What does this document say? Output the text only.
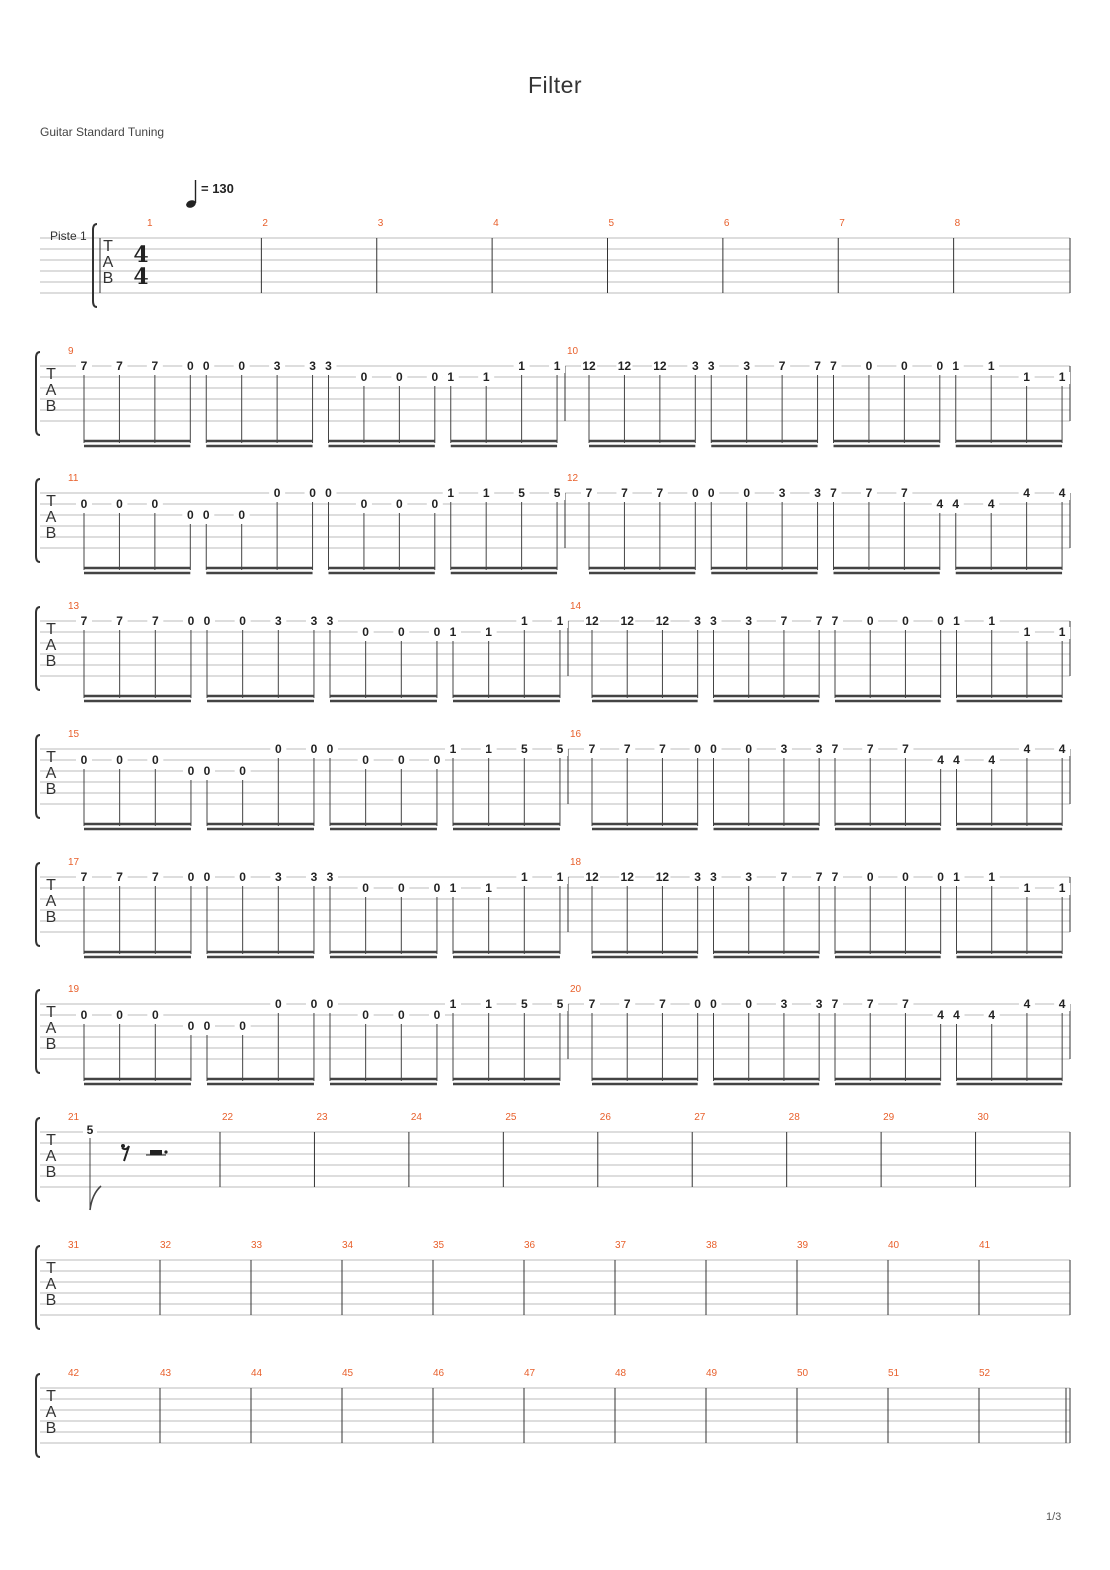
Filter
Guitar Standard Tuning
1/3
= 130
T
A
B
4
4
Piste 1
1	2	3	4	5	6	7	8
T
A
B
9	10
7 7 7 0 0 0 3 3 3
0 0 0 1 1
1 1 12 12 12 3 3 3 7 7 7 0 0 0 1 1
1 1
T
A
B
11	12
0 0 0
0 0 0
0 0 0
0 0 0
1 1 5 5 7 7 7 0 0 0 3 3 7 7 7
4 4 4
4 4
T
A
B
13	14
7 7 7 0 0 0 3 3 3
0 0 0 1 1
1 1 12 12 12 3 3 3 7 7 7 0 0 0 1 1
1 1
T
A
B
15	16
0 0 0
0 0 0
0 0 0
0 0 0
1 1 5 5 7 7 7 0 0 0 3 3 7 7 7
4 4 4
4 4
T
A
B
17	18
7 7 7 0 0 0 3 3 3
0 0 0 1 1
1 1 12 12 12 3 3 3 7 7 7 0 0 0 1 1
1 1
T
A
B
19	20
0 0 0
0 0 0
0 0 0
0 0 0
1 1 5 5 7 7 7 0 0 0 3 3 7 7 7
4 4 4
4 4
T
A
B
21	22	23	24	25	26	27	28	29	30
5
T
A
B
31	32	33	34	35	36	37	38	39	40	41
T
A
B
42	43	44	45	46	47	48	49	50	51	52
